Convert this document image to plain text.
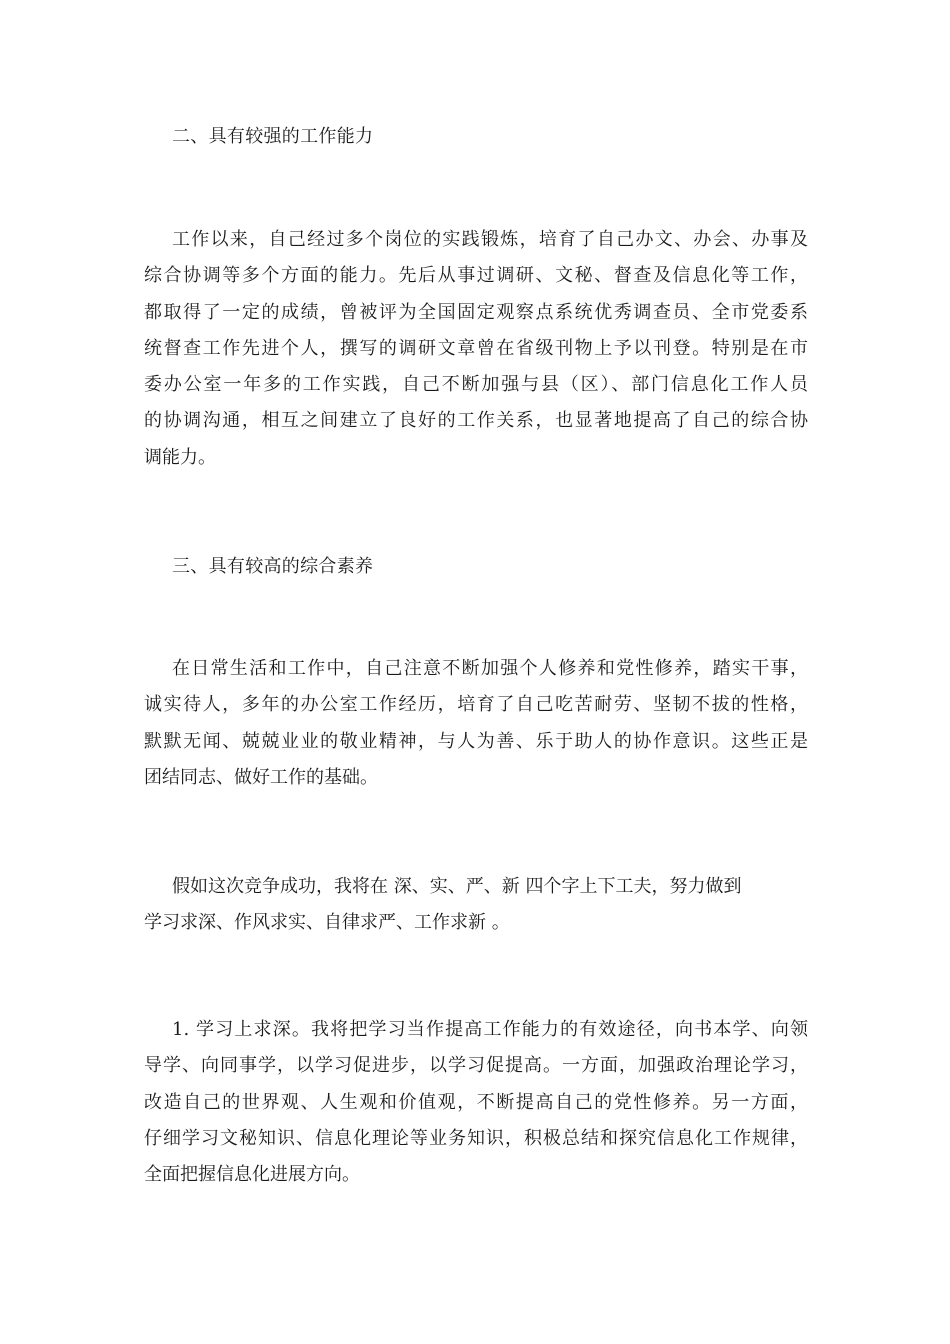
二、具有较强的工作能力
工作以来，自己经过多个岗位的实践锻炼，培育了自己办文、办会、办事及
综合协调等多个方面的能力。先后从事过调研、文秘、督查及信息化等工作，
都取得了一定的成绩，曾被评为全国固定观察点系统优秀调查员、全市党委系
统督查工作先进个人，撰写的调研文章曾在省级刊物上予以刊登。特别是在市
委办公室一年多的工作实践，自己不断加强与县（区）、部门信息化工作人员
的协调沟通，相互之间建立了良好的工作关系，也显著地提高了自己的综合协
调能力。
三、具有较高的综合素养
在日常生活和工作中，自己注意不断加强个人修养和党性修养，踏实干事，
诚实待人，多年的办公室工作经历，培育了自己吃苦耐劳、坚韧不拔的性格，
默默无闻、兢兢业业的敬业精神，与人为善、乐于助人的协作意识。这些正是
团结同志、做好工作的基础。
假如这次竞争成功，我将在 深、实、严、新 四个字上下工夫，努力做到
学习求深、作风求实、自律求严、工作求新 。
1. 学习上求深。我将把学习当作提高工作能力的有效途径，向书本学、向领
导学、向同事学，以学习促进步，以学习促提高。一方面，加强政治理论学习，
改造自己的世界观、人生观和价值观，不断提高自己的党性修养。另一方面，
仔细学习文秘知识、信息化理论等业务知识，积极总结和探究信息化工作规律，
全面把握信息化进展方向。
